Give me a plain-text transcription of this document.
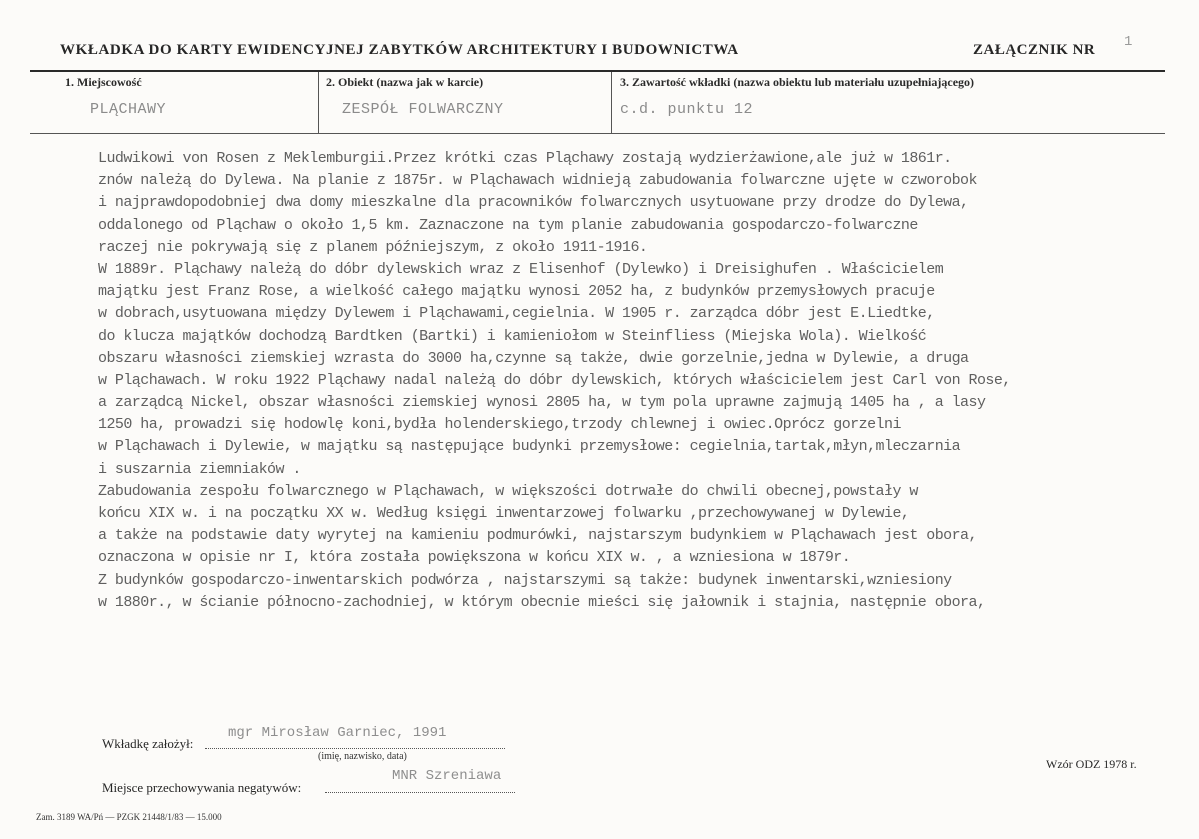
WKŁADKA DO KARTY EWIDENCYJNEJ ZABYTKÓW ARCHITEKTURY I BUDOWNICTWA	ZAŁĄCZNIK NR 1
1. Miejscowość
PLĄCHAWY
2. Obiekt (nazwa jak w karcie)
ZESPÓŁ FOLWARCZNY
3. Zawartość wkładki (nazwa obiektu lub materiału uzupełniającego)
c.d. punktu 12
Ludwikowi von Rosen z Meklemburgii.Przez krótki czas Pląchawy zostają wydzierżawione,ale już w 1861r.
znów należą do Dylewa. Na planie z 1875r. w Pląchawach widnieją zabudowania folwarczne ujęte w czworobok
i najprawdopodobniej dwa domy mieszkalne dla pracowników folwarcznych usytuowane przy drodze do Dylewa,
oddalonego od Pląchaw o około 1,5 km. Zaznaczone na tym planie zabudowania gospodarczo-folwarczne
raczej nie pokrywają się z planem późniejszym, z około 1911-1916.
W 1889r. Pląchawy należą do dóbr dylewskich wraz z Elisenhof (Dylewko) i Dreisighufen . Właścicielem
majątku jest Franz Rose, a wielkość całego majątku wynosi 2052 ha, z budynków przemysłowych pracuje
w dobrach,usytuowana między Dylewem i Pląchawami,cegielnia. W 1905 r. zarządca dóbr jest E.Liedtke,
do klucza majątków dochodzą Bardtken (Bartki) i kamieniołom w Steinfliess (Miejska Wola). Wielkość
obszaru własności ziemskiej wzrasta do 3000 ha,czynne są także, dwie gorzelnie,jedna w Dylewie, a druga
w Pląchawach. W roku 1922 Pląchawy nadal należą do dóbr dylewskich, których właścicielem jest Carl von Rose,
a zarządcą Nickel, obszar własności ziemskiej wynosi 2805 ha, w tym pola uprawne zajmują 1405 ha , a lasy
1250 ha, prowadzi się hodowlę koni,bydła holenderskiego,trzody chlewnej i owiec.Oprócz gorzelni
w Pląchawach i Dylewie, w majątku są następujące budynki przemysłowe: cegielnia,tartak,młyn,mleczarnia
i suszarnia ziemniaków .
Zabudowania zespołu folwarcznego w Pląchawach, w większości dotrwałe do chwili obecnej,powstały w
końcu XIX w. i na początku XX w. Według księgi inwentarzowej folwarku ,przechowywanej w Dylewie,
a także na podstawie daty wyrytej na kamieniu podmurówki, najstarszym budynkiem w Pląchawach jest obora,
oznaczona w opisie nr I, która została powiększona w końcu XIX w. , a wzniesiona w 1879r.
Z budynków gospodarczo-inwentarskich podwórza , najstarszymi są także: budynek inwentarski,wzniesiony
w 1880r., w ścianie północno-zachodniej, w którym obecnie mieści się jałownik i stajnia, następnie obora,
Wkładkę założył:
mgr Mirosław Garniec, 1991
(imię, nazwisko, data)
Miejsce przechowywania negatywów:
MNR Szreniawa
Wzór ODZ 1978 r.
Zam. 3189 WA/Pń — PZGK 21448/1/83 — 15.000
